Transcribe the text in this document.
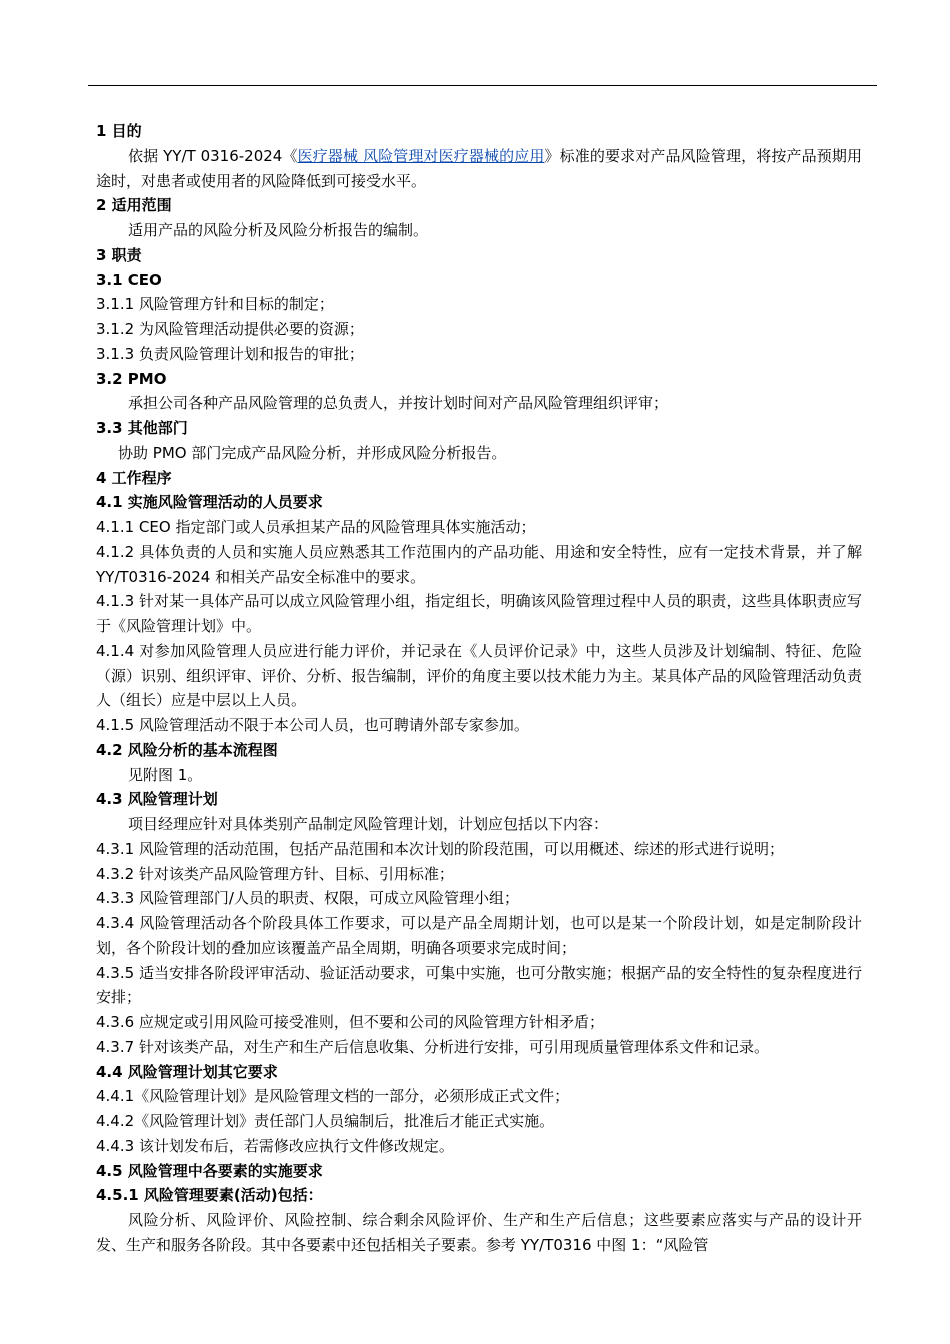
1 目的
依据 YY/T 0316-2024《医疗器械 风险管理对医疗器械的应用》标准的要求对产品风险管理，将按产品预期用途时，对患者或使用者的风险降低到可接受水平。
2 适用范围
适用产品的风险分析及风险分析报告的编制。
3 职责
3.1 CEO
3.1.1 风险管理方针和目标的制定；
3.1.2 为风险管理活动提供必要的资源；
3.1.3 负责风险管理计划和报告的审批；
3.2 PMO
承担公司各种产品风险管理的总负责人，并按计划时间对产品风险管理组织评审；
3.3 其他部门
协助 PMO 部门完成产品风险分析，并形成风险分析报告。
4 工作程序
4.1 实施风险管理活动的人员要求
4.1.1 CEO 指定部门或人员承担某产品的风险管理具体实施活动；
4.1.2 具体负责的人员和实施人员应熟悉其工作范围内的产品功能、用途和安全特性，应有一定技术背景，并了解 YY/T0316-2024 和相关产品安全标准中的要求。
4.1.3 针对某一具体产品可以成立风险管理小组，指定组长，明确该风险管理过程中人员的职责，这些具体职责应写于《风险管理计划》中。
4.1.4 对参加风险管理人员应进行能力评价，并记录在《人员评价记录》中，这些人员涉及计划编制、特征、危险（源）识别、组织评审、评价、分析、报告编制，评价的角度主要以技术能力为主。某具体产品的风险管理活动负责人（组长）应是中层以上人员。
4.1.5 风险管理活动不限于本公司人员，也可聘请外部专家参加。
4.2 风险分析的基本流程图
见附图 1。
4.3 风险管理计划
项目经理应针对具体类别产品制定风险管理计划，计划应包括以下内容：
4.3.1 风险管理的活动范围，包括产品范围和本次计划的阶段范围，可以用概述、综述的形式进行说明；
4.3.2 针对该类产品风险管理方针、目标、引用标准；
4.3.3 风险管理部门/人员的职责、权限，可成立风险管理小组；
4.3.4 风险管理活动各个阶段具体工作要求，可以是产品全周期计划，也可以是某一个阶段计划，如是定制阶段计划，各个阶段计划的叠加应该覆盖产品全周期，明确各项要求完成时间；
4.3.5 适当安排各阶段评审活动、验证活动要求，可集中实施，也可分散实施；根据产品的安全特性的复杂程度进行安排；
4.3.6 应规定或引用风险可接受准则，但不要和公司的风险管理方针相矛盾；
4.3.7 针对该类产品，对生产和生产后信息收集、分析进行安排，可引用现质量管理体系文件和记录。
4.4 风险管理计划其它要求
4.4.1《风险管理计划》是风险管理文档的一部分，必须形成正式文件；
4.4.2《风险管理计划》责任部门人员编制后，批准后才能正式实施。
4.4.3 该计划发布后，若需修改应执行文件修改规定。
4.5 风险管理中各要素的实施要求
4.5.1 风险管理要素(活动)包括：
风险分析、风险评价、风险控制、综合剩余风险评价、生产和生产后信息；这些要素应落实与产品的设计开发、生产和服务各阶段。其中各要素中还包括相关子要素。参考 YY/T0316 中图 1：“风险管
